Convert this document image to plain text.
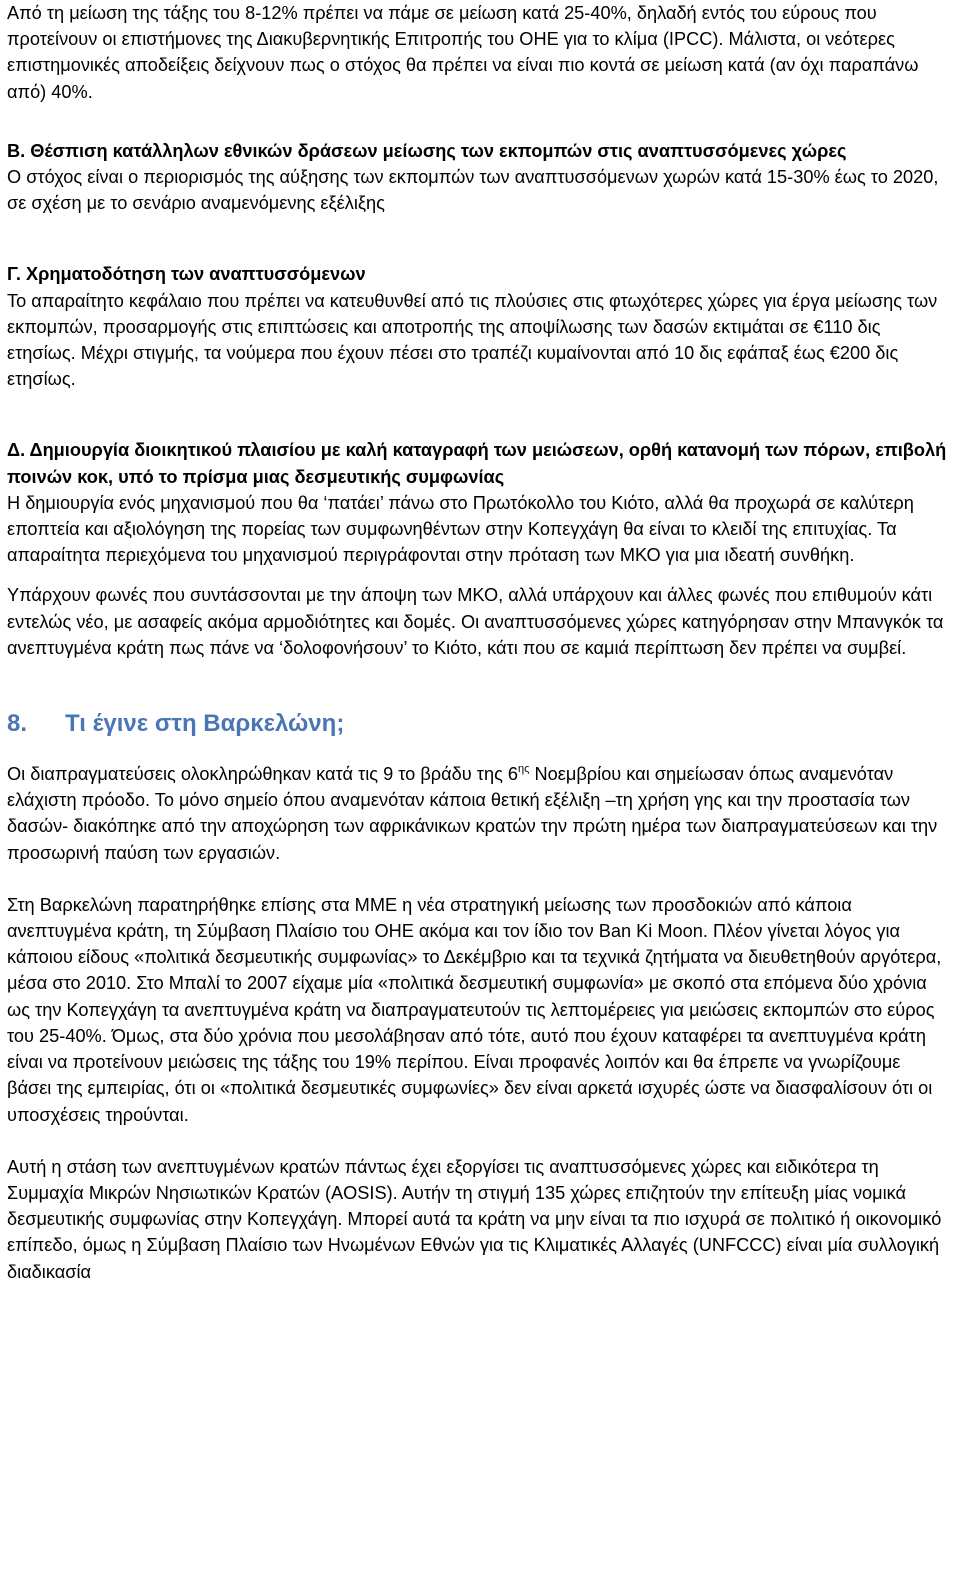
Από τη μείωση της τάξης του 8-12% πρέπει να πάμε σε μείωση κατά 25-40%, δηλαδή εντός του εύρους που προτείνουν οι επιστήμονες της Διακυβερνητικής Επιτροπής του ΟΗΕ για το κλίμα (IPCC). Μάλιστα, οι νεότερες επιστημονικές αποδείξεις δείχνουν πως ο στόχος θα πρέπει να είναι πιο κοντά σε μείωση κατά (αν όχι παραπάνω από) 40%.

Β. Θέσπιση κατάλληλων εθνικών δράσεων μείωσης των εκπομπών στις αναπτυσσόμενες χώρες

Ο στόχος είναι ο περιορισμός της αύξησης των εκπομπών των αναπτυσσόμενων χωρών κατά 15-30% έως το 2020, σε σχέση με το σενάριο αναμενόμενης εξέλιξης

Γ. Χρηματοδότηση των αναπτυσσόμενων

Το απαραίτητο κεφάλαιο που πρέπει να κατευθυνθεί από τις πλούσιες στις φτωχότερες χώρες για έργα μείωσης των εκπομπών, προσαρμογής στις επιπτώσεις και αποτροπής της αποψίλωσης των δασών εκτιμάται σε €110 δις ετησίως. Μέχρι στιγμής, τα νούμερα που έχουν πέσει στο τραπέζι κυμαίνονται από 10 δις εφάπαξ έως €200 δις ετησίως.

Δ. Δημιουργία διοικητικού πλαισίου με καλή καταγραφή των μειώσεων, ορθή κατανομή των πόρων, επιβολή ποινών κοκ, υπό το πρίσμα μιας δεσμευτικής συμφωνίας

Η δημιουργία ενός μηχανισμού που θα ‘πατάει’ πάνω στο Πρωτόκολλο του Κιότο, αλλά θα προχωρά σε καλύτερη εποπτεία και αξιολόγηση της πορείας των συμφωνηθέντων στην Κοπεγχάγη θα είναι το κλειδί της επιτυχίας. Τα απαραίτητα περιεχόμενα του μηχανισμού περιγράφονται στην πρόταση των ΜΚΟ για μια ιδεατή συνθήκη.

Υπάρχουν φωνές που συντάσσονται με την άποψη των ΜΚΟ, αλλά υπάρχουν και άλλες φωνές που επιθυμούν κάτι εντελώς νέο, με ασαφείς ακόμα αρμοδιότητες και δομές. Οι αναπτυσσόμενες χώρες κατηγόρησαν στην Μπανγκόκ τα ανεπτυγμένα κράτη πως πάνε να ‘δολοφονήσουν’ το Κιότο, κάτι που σε καμιά περίπτωση δεν πρέπει να συμβεί.

8. Τι έγινε στη Βαρκελώνη;

Οι διαπραγματεύσεις ολοκληρώθηκαν κατά τις 9 το βράδυ της $6^{\eta\varsigma}$ Νοεμβρίου και σημείωσαν όπως αναμενόταν ελάχιστη πρόοδο. Το μόνο σημείο όπου αναμενόταν κάποια θετική εξέλιξη –τη χρήση γης και την προστασία των δασών- διακόπηκε από την αποχώρηση των αφρικάνικων κρατών την πρώτη ημέρα των διαπραγματεύσεων και την προσωρινή παύση των εργασιών.

Στη Βαρκελώνη παρατηρήθηκε επίσης στα ΜΜΕ η νέα στρατηγική μείωσης των προσδοκιών από κάποια ανεπτυγμένα κράτη, τη Σύμβαση Πλαίσιο του ΟΗΕ ακόμα και τον ίδιο τον Ban Ki Moon. Πλέον γίνεται λόγος για κάποιου είδους «πολιτικά δεσμευτικής συμφωνίας» το Δεκέμβριο και τα τεχνικά ζητήματα να διευθετηθούν αργότερα, μέσα στο 2010. Στο Μπαλί το 2007 είχαμε μία «πολιτικά δεσμευτική συμφωνία» με σκοπό στα επόμενα δύο χρόνια ως την Κοπεγχάγη τα ανεπτυγμένα κράτη να διαπραγματευτούν τις λεπτομέρειες για μειώσεις εκπομπών στο εύρος του 25-40%. Όμως, στα δύο χρόνια που μεσολάβησαν από τότε, αυτό που έχουν καταφέρει τα ανεπτυγμένα κράτη είναι να προτείνουν μειώσεις της τάξης του 19% περίπου. Είναι προφανές λοιπόν και θα έπρεπε να γνωρίζουμε βάσει της εμπειρίας, ότι οι «πολιτικά δεσμευτικές συμφωνίες» δεν είναι αρκετά ισχυρές ώστε να διασφαλίσουν ότι οι υποσχέσεις τηρούνται.

Αυτή η στάση των ανεπτυγμένων κρατών πάντως έχει εξοργίσει τις αναπτυσσόμενες χώρες και ειδικότερα τη Συμμαχία Μικρών Νησιωτικών Κρατών (AOSIS). Αυτήν τη στιγμή 135 χώρες επιζητούν την επίτευξη μίας νομικά δεσμευτικής συμφωνίας στην Κοπεγχάγη. Μπορεί αυτά τα κράτη να μην είναι τα πιο ισχυρά σε πολιτικό ή οικονομικό επίπεδο, όμως η Σύμβαση Πλαίσιο των Ηνωμένων Εθνών για τις Κλιματικές Αλλαγές (UNFCCC) είναι μία συλλογική διαδικασία
